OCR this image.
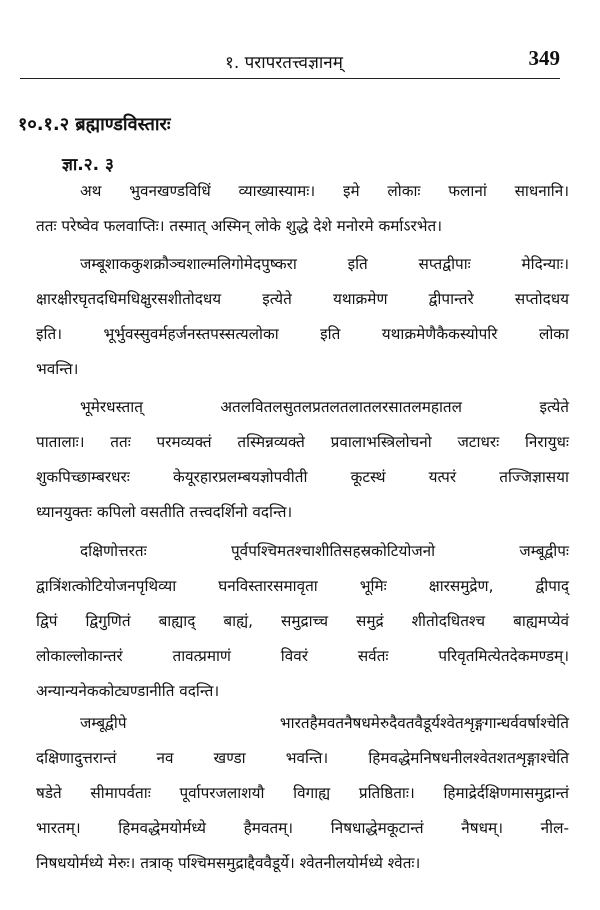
१. परापरतत्त्वज्ञानम्	349
१०.१.२ ब्रह्माण्डविस्तारः
ज्ञा.२. ३
अथ भुवनखण्डविधिं व्याख्यास्यामः। इमे लोकाः फलानां साधनानि।
ततः परेष्वेव फलवाप्तिः। तस्मात् अस्मिन् लोके शुद्धे देशे मनोरमे कर्माऽरभेत।
जम्बूशाककुशक्रौञ्चशाल्मलिगोमेदपुष्करा इति सप्तद्वीपाः मेदिन्याः।
क्षारक्षीरघृतदधिमधिक्षुरसशीतोदधय इत्येते यथाक्रमेण द्वीपान्तरे सप्तोदधय
इति। भूर्भुवस्सुवर्महर्जनस्तपस्सत्यलोका इति यथाक्रमेणैकैकस्योपरि लोका
भवन्ति।
भूमेरधस्तात् अतलवितलसुतलप्रतलतलातलरसातलमहातल इत्येते
पातालाः। ततः परमव्यक्तं तस्मिन्नव्यक्ते प्रवालाभस्त्रिलोचनो जटाधरः निरायुधः
शुकपिच्छाम्बरधरः केयूरहारप्रलम्बयज्ञोपवीती कूटस्थं यत्परं तज्जिज्ञासया
ध्यानयुक्तः कपिलो वसतीति तत्त्वदर्शिनो वदन्ति।
दक्षिणोत्तरतः पूर्वपश्चिमतश्चाशीतिसहस्रकोटियोजनो जम्बूद्वीपः
द्वात्रिंशत्कोटियोजनपृथिव्या घनविस्तारसमावृता भूमिः क्षारसमुद्रेण, द्वीपाद्
द्विपं द्विगुणितं बाह्याद् बाह्यं, समुद्राच्च समुद्रं शीतोदधितश्च बाह्यमप्येवं
लोकाल्लोकान्तरं तावत्प्रमाणं विवरं सर्वतः परिवृतमित्येतदेकमण्डम्।
अन्यान्यनेककोट्यण्डानीति वदन्ति।
जम्बूद्वीपे भारतहैमवतनैषधमेरुदैवतवैडूर्यश्वेतशृङ्गगान्धर्ववर्षाश्चेति
दक्षिणादुत्तरान्तं नव खण्डा भवन्ति। हिमवद्धेमनिषधनीलश्वेतशतशृङ्गाश्चेति
षडेते सीमापर्वताः पूर्वापरजलाशयौ विगाह्य प्रतिष्ठिताः। हिमाद्रेर्दक्षिणमासमुद्रान्तं
भारतम्। हिमवद्धेमयोर्मध्ये हैमवतम्। निषधाद्धेमकूटान्तं नैषधम्। नील-
निषधयोर्मध्ये मेरुः। तत्राक् पश्चिमसमुद्राद्दैववैडूर्ये। श्वेतनीलयोर्मध्ये श्वेतः।
